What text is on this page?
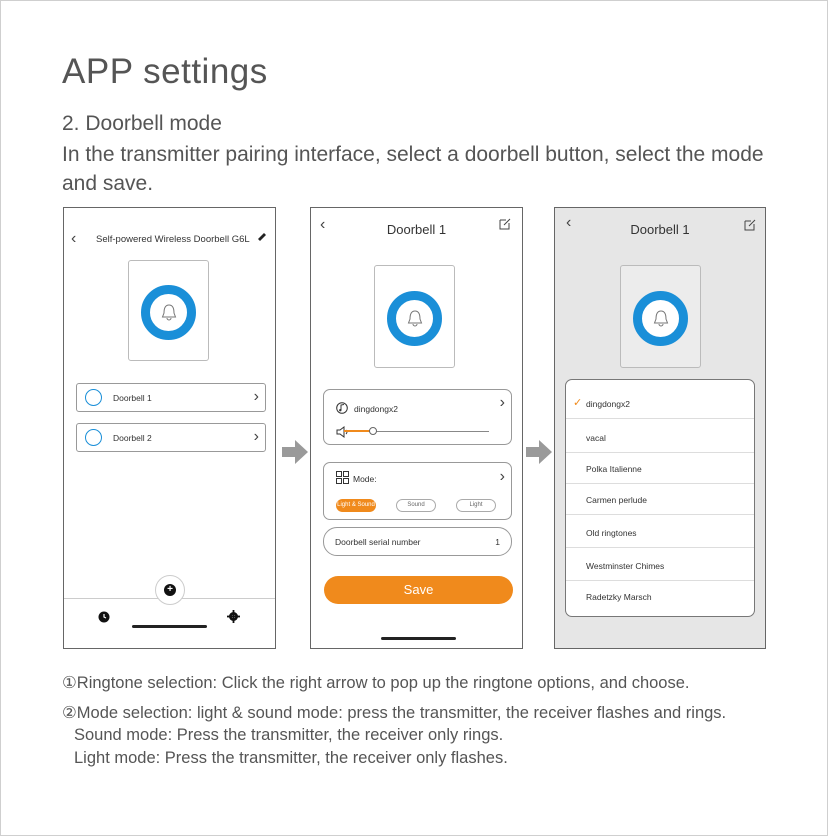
APP settings
2. Doorbell mode
In the transmitter pairing interface, select a doorbell button, select the mode and save.
‹ Self-powered Wireless Doorbell G6L
Doorbell 1	›
Doorbell 2	›
+
‹	Doorbell 1
dingdongx2	›
Mode:	›
Light & Sound	Sound	Light
Doorbell serial number	1
Save
‹	Doorbell 1
✓ dingdongx2
vacal
Polka Italienne
Carmen perlude
Old ringtones
Westminster Chimes
Radetzky Marsch
①Ringtone selection: Click the right arrow to pop up the ringtone options, and choose.
②Mode selection: light & sound mode: press the transmitter, the receiver flashes and rings.
Sound mode: Press the transmitter, the receiver only rings.
Light mode: Press the transmitter, the receiver only flashes.
